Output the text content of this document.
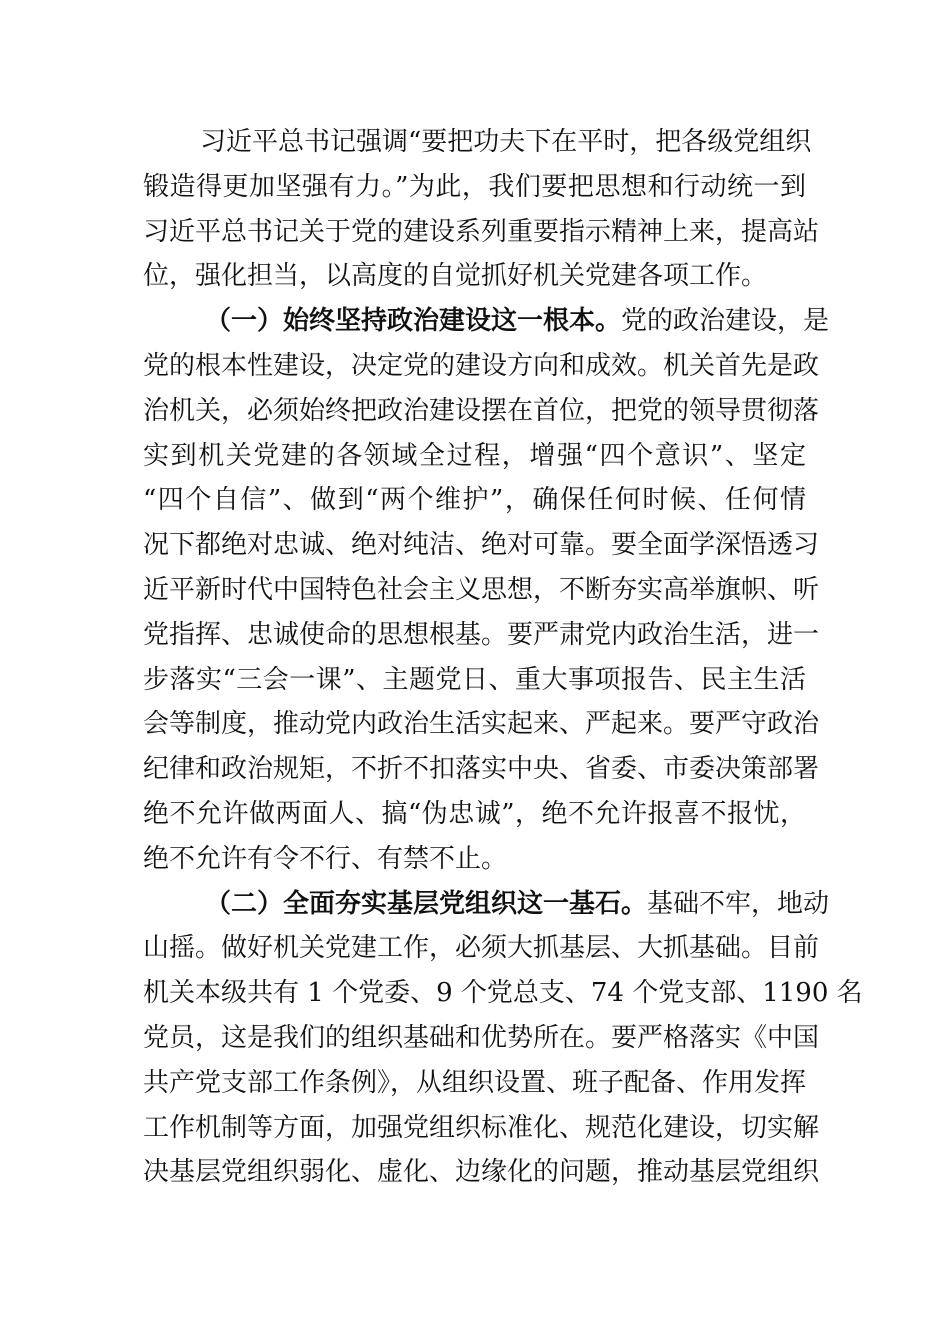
习近平总书记强调“要把功夫下在平时，把各级党组织
锻造得更加坚强有力。”为此，我们要把思想和行动统一到
习近平总书记关于党的建设系列重要指示精神上来，提高站
位，强化担当，以高度的自觉抓好机关党建各项工作。
（一）始终坚持政治建设这一根本。党的政治建设，是
党的根本性建设，决定党的建设方向和成效。机关首先是政
治机关，必须始终把政治建设摆在首位，把党的领导贯彻落
实到机关党建的各领域全过程，增强“四个意识”、坚定
“四个自信”、做到“两个维护”，确保任何时候、任何情
况下都绝对忠诚、绝对纯洁、绝对可靠。要全面学深悟透习
近平新时代中国特色社会主义思想，不断夯实高举旗帜、听
党指挥、忠诚使命的思想根基。要严肃党内政治生活，进一
步落实“三会一课”、主题党日、重大事项报告、民主生活
会等制度，推动党内政治生活实起来、严起来。要严守政治
纪律和政治规矩，不折不扣落实中央、省委、市委决策部署
绝不允许做两面人、搞“伪忠诚”，绝不允许报喜不报忧，
绝不允许有令不行、有禁不止。
（二）全面夯实基层党组织这一基石。基础不牢，地动
山摇。做好机关党建工作，必须大抓基层、大抓基础。目前
机关本级共有 1 个党委、9 个党总支、74 个党支部、1190 名
党员，这是我们的组织基础和优势所在。要严格落实《中国
共产党支部工作条例》，从组织设置、班子配备、作用发挥
工作机制等方面，加强党组织标准化、规范化建设，切实解
决基层党组织弱化、虚化、边缘化的问题，推动基层党组织
